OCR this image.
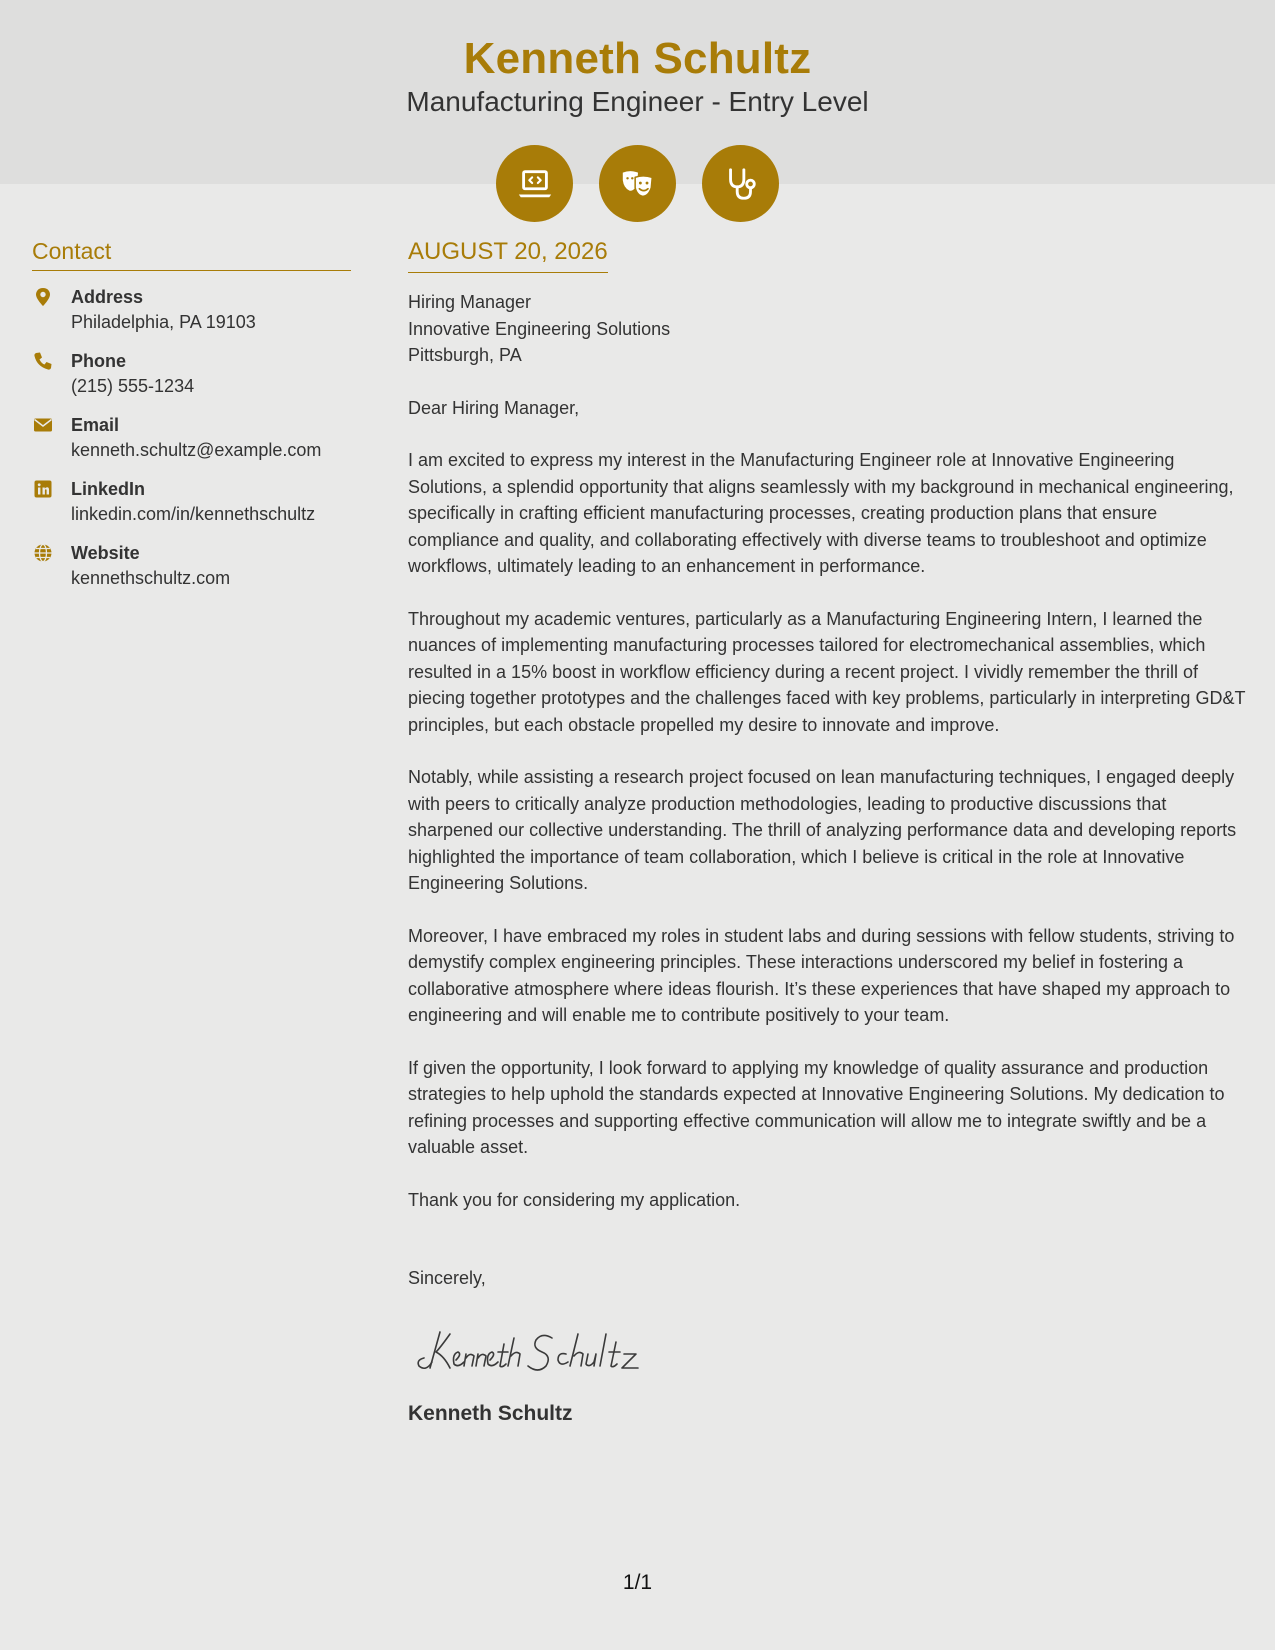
Kenneth Schultz
Manufacturing Engineer - Entry Level
Contact
Address
Philadelphia, PA 19103
Phone
(215) 555-1234
Email
kenneth.schultz@example.com
LinkedIn
linkedin.com/in/kennethschultz
Website
kennethschultz.com
AUGUST 20, 2026
Hiring Manager
Innovative Engineering Solutions
Pittsburgh, PA

Dear Hiring Manager,

I am excited to express my interest in the Manufacturing Engineer role at Innovative Engineering Solutions, a splendid opportunity that aligns seamlessly with my background in mechanical engineering, specifically in crafting efficient manufacturing processes, creating production plans that ensure compliance and quality, and collaborating effectively with diverse teams to troubleshoot and optimize workflows, ultimately leading to an enhancement in performance.

Throughout my academic ventures, particularly as a Manufacturing Engineering Intern, I learned the nuances of implementing manufacturing processes tailored for electromechanical assemblies, which resulted in a 15% boost in workflow efficiency during a recent project. I vividly remember the thrill of piecing together prototypes and the challenges faced with key problems, particularly in interpreting GD&T principles, but each obstacle propelled my desire to innovate and improve.

Notably, while assisting a research project focused on lean manufacturing techniques, I engaged deeply with peers to critically analyze production methodologies, leading to productive discussions that sharpened our collective understanding. The thrill of analyzing performance data and developing reports highlighted the importance of team collaboration, which I believe is critical in the role at Innovative Engineering Solutions.

Moreover, I have embraced my roles in student labs and during sessions with fellow students, striving to demystify complex engineering principles. These interactions underscored my belief in fostering a collaborative atmosphere where ideas flourish. It’s these experiences that have shaped my approach to engineering and will enable me to contribute positively to your team.

If given the opportunity, I look forward to applying my knowledge of quality assurance and production strategies to help uphold the standards expected at Innovative Engineering Solutions. My dedication to refining processes and supporting effective communication will allow me to integrate swiftly and be a valuable asset.

Thank you for considering my application.

Sincerely,

Kenneth Schultz
1/1
